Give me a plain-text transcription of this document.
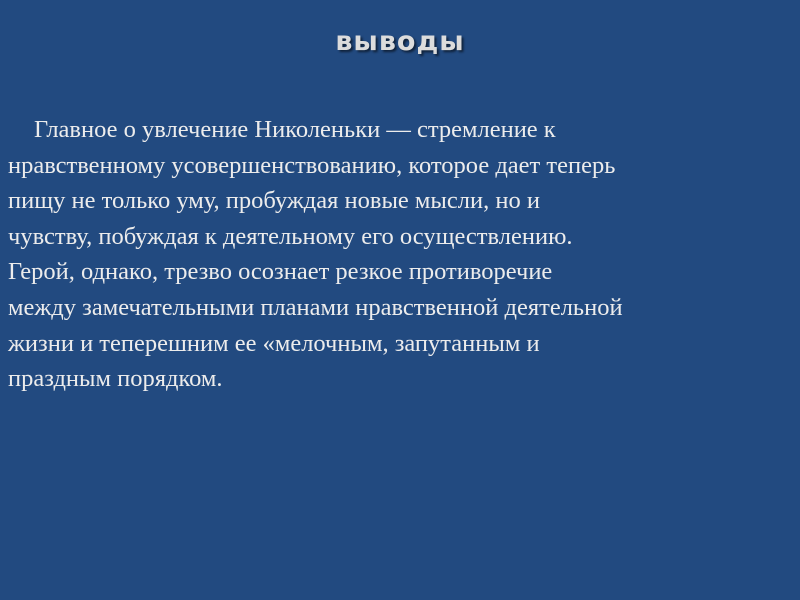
выводы

Главное о увлечение Николеньки — стремление к
нравственному усовершенствованию, которое дает теперь
пищу не только уму, пробуждая новые мысли, но и
чувству, побуждая к деятельному его осуществлению.
Герой, однако, трезво осознает резкое противоречие
между замечательными планами нравственной деятельной
жизни и теперешним ее «мелочным, запутанным и
праздным порядком.
